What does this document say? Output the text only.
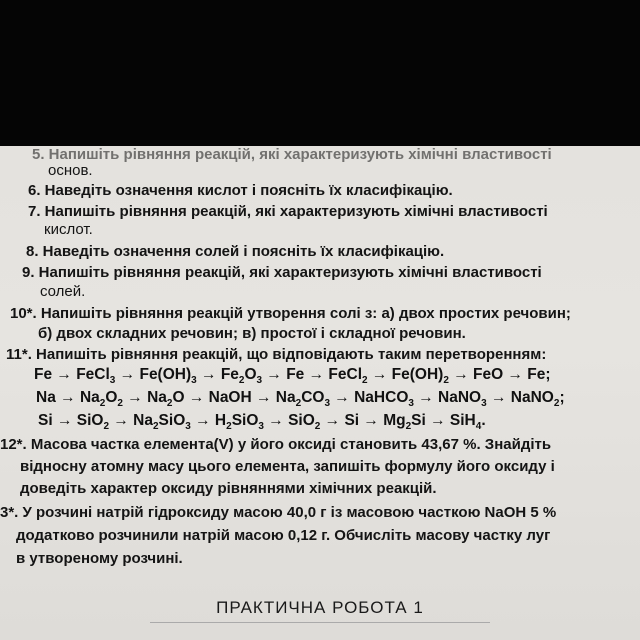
5. Напишіть рівняння реакцій, які характеризують хімічні властивості
основ.
6. Наведіть означення кислот і поясніть їх класифікацію.
7. Напишіть рівняння реакцій, які характеризують хімічні властивості
кислот.
8. Наведіть означення солей і поясніть їх класифікацію.
9. Напишіть рівняння реакцій, які характеризують хімічні властивості
солей.
10*. Напишіть рівняння реакцій утворення солі з: а) двох простих речовин;
б) двох складних речовин; в) простої і складної речовин.
11*. Напишіть рівняння реакцій, що відповідають таким перетворенням:
Fe → FeCl$_3$ → $Fe(OH)_3 \to Fe_2O_3 \to Fe$ → FeCl$_2$ → $Fe(OH)_2$ → FeO → Fe;
$Na \to Na_2O_2 \to Na_2O$ → NaOH → $Na_2CO_3$ → NaHCO$_3$ → NaNO$_3$ → NaNO$_2$;
$Si \to SiO_2 \to Na_2SiO_3 \to H_2SiO_3 \to SiO_2 \to Si \to Mg_2Si \to SiH_4$.
12*. Масова частка елемента(V) у його оксиді становить 43,67 %. Знайдіть
відносну атомну масу цього елемента, запишіть формулу його оксиду і
доведіть характер оксиду рівняннями хімічних реакцій.
3*. У розчині натрій гідроксиду масою 40,0 г із масовою часткою NaOH 5 %
додатково розчинили натрій масою 0,12 г. Обчисліть масову частку луг
в утвореному розчині.
ПРАКТИЧНА РОБОТА 1
